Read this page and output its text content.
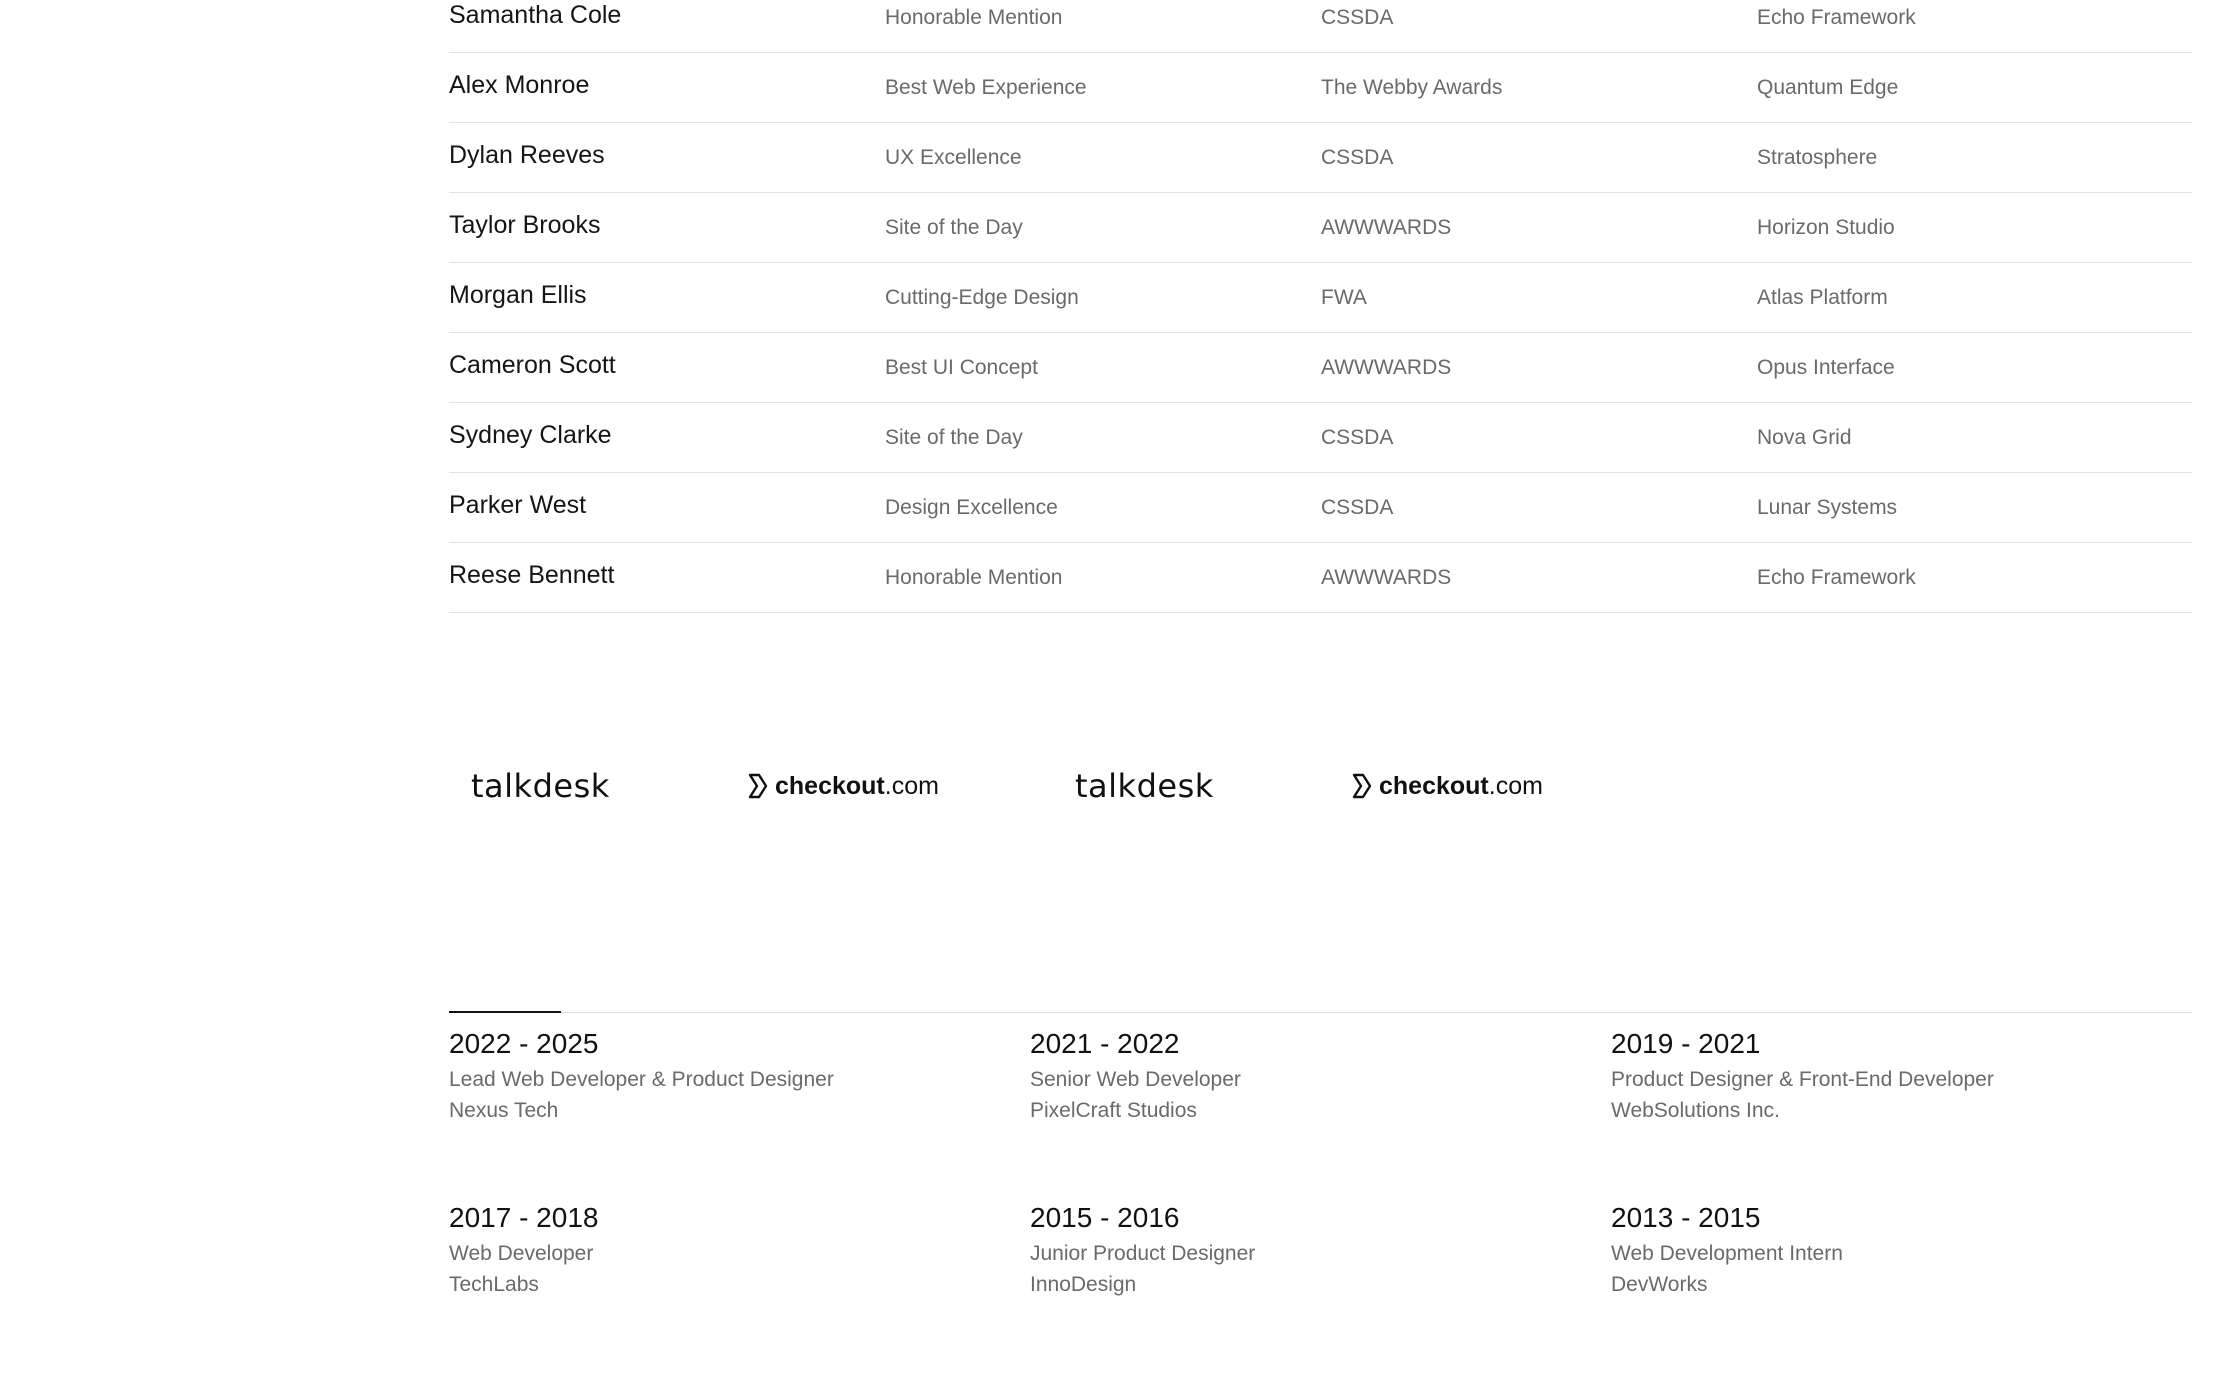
Samantha Cole	Honorable Mention	CSSDA	Echo Framework
Alex Monroe	Best Web Experience	The Webby Awards	Quantum Edge
Dylan Reeves	UX Excellence	CSSDA	Stratosphere
Taylor Brooks	Site of the Day	AWWWARDS	Horizon Studio
Morgan Ellis	Cutting-Edge Design	FWA	Atlas Platform
Cameron Scott	Best UI Concept	AWWWARDS	Opus Interface
Sydney Clarke	Site of the Day	CSSDA	Nova Grid
Parker West	Design Excellence	CSSDA	Lunar Systems
Reese Bennett	Honorable Mention	AWWWARDS	Echo Framework
talkdesk	checkout .com	talkdesk	checkout .com
2022 - 2025
Lead Web Developer & Product Designer
Nexus Tech
2021 - 2022
Senior Web Developer
PixelCraft Studios
2019 - 2021
Product Designer & Front-End Developer
WebSolutions Inc.
2017 - 2018
Web Developer
TechLabs
2015 - 2016
Junior Product Designer
InnoDesign
2013 - 2015
Web Development Intern
DevWorks
